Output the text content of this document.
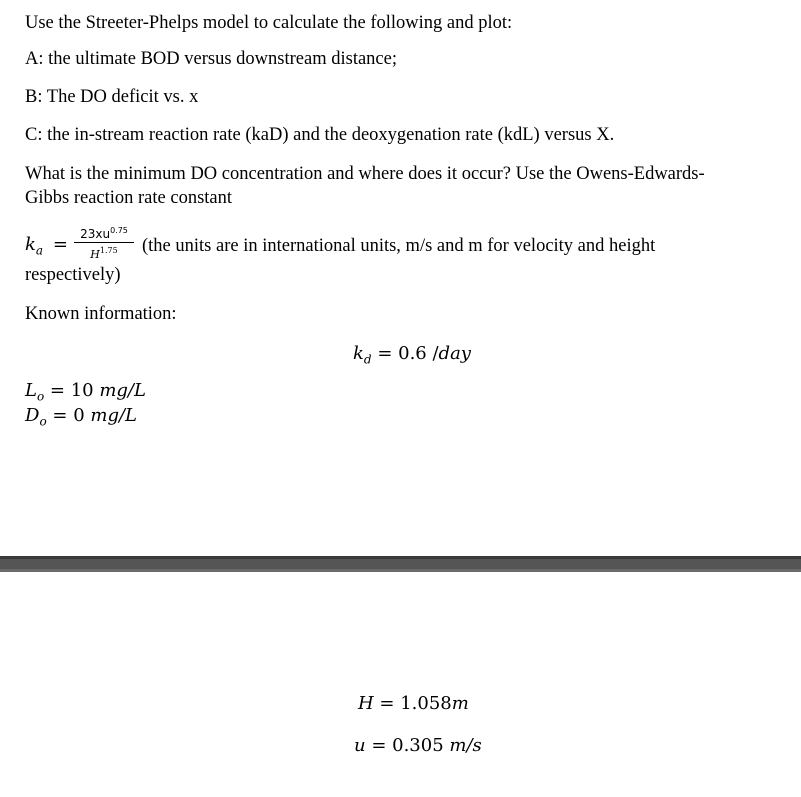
Use the Streeter-Phelps model to calculate the following and plot:
A: the ultimate BOD versus downstream distance;
B: The DO deficit vs. x
C: the in-stream reaction rate (kaD) and the deoxygenation rate (kdL) versus X.
What is the minimum DO concentration and where does it occur? Use the Owens-Edwards-
Gibbs reaction rate constant
$k_a$ =	$23xu^{0.75}$
$H^{1.75}$	(the units are in international units, m/s and m for velocity and height
respectively)
Known information:
$k_d = 0.6$ /day
$L_o = 10$ mg/L
$D_o = 0$ mg/L
H = 1.058m
u = 0.305 m/s
